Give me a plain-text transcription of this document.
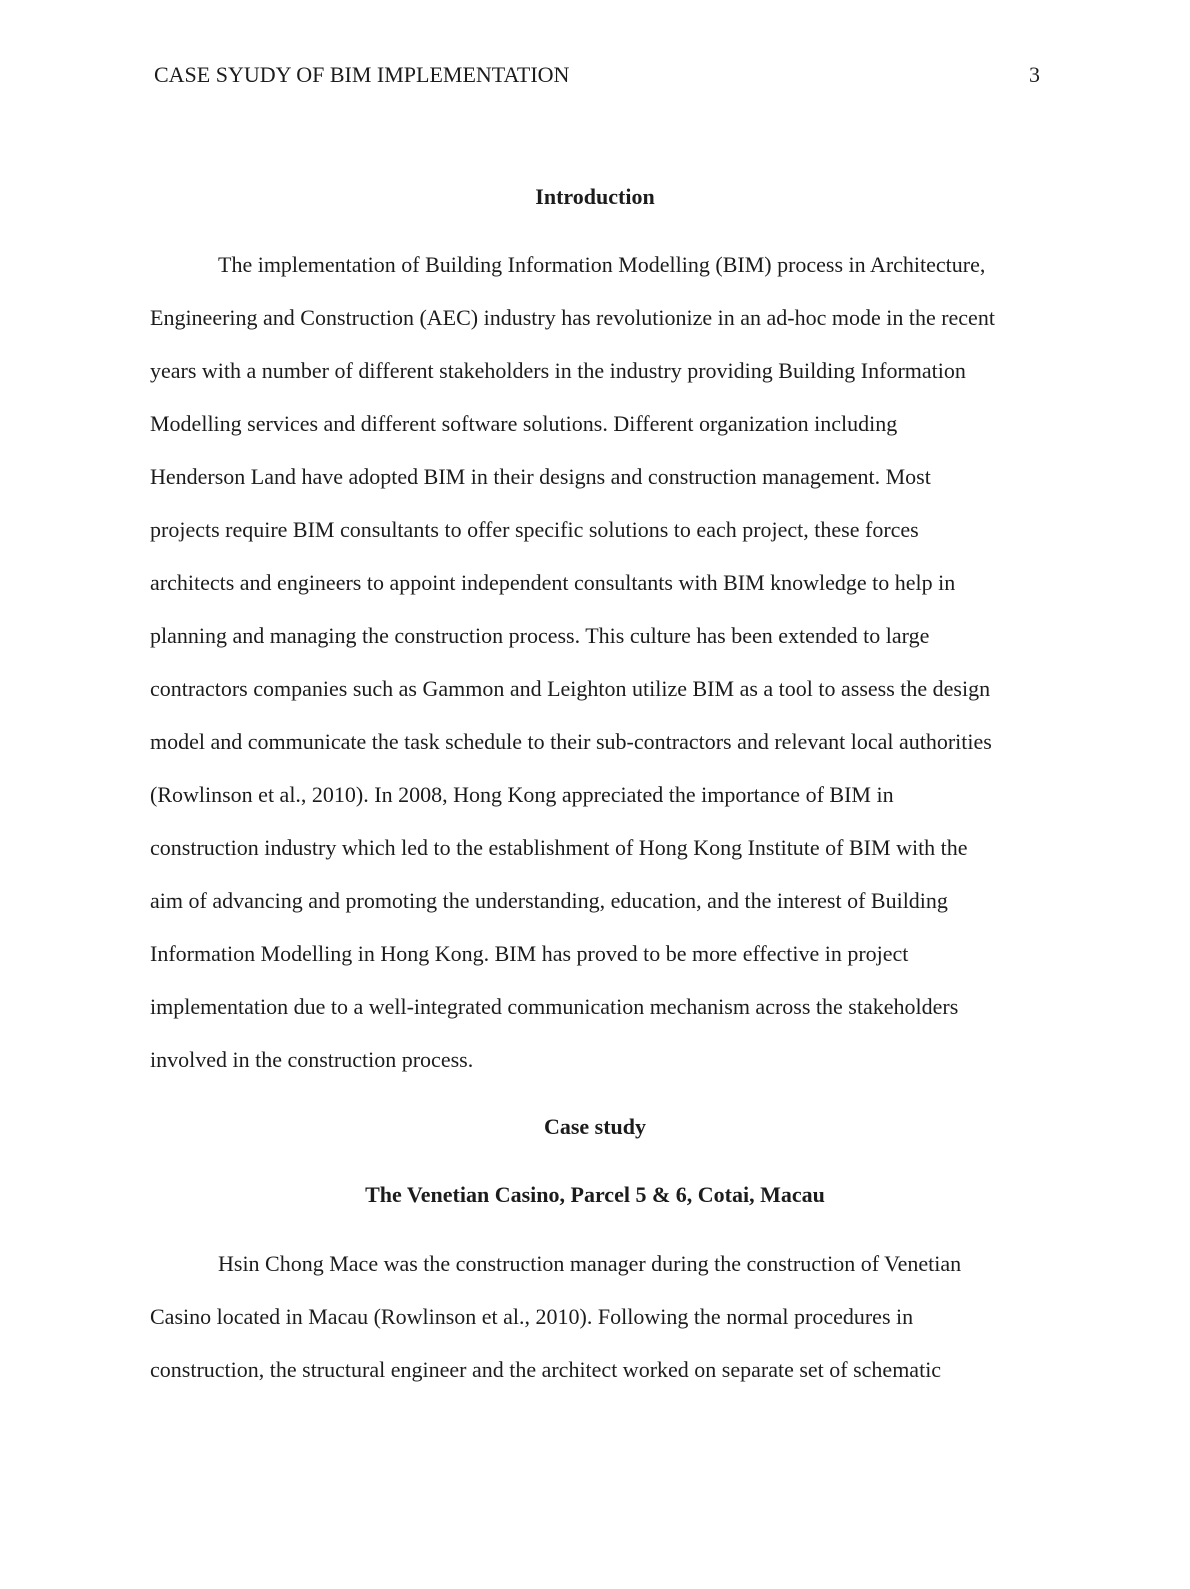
CASE SYUDY OF BIM IMPLEMENTATION	3
Introduction
The implementation of Building Information Modelling (BIM) process in Architecture,
Engineering and Construction (AEC) industry has revolutionize in an ad-hoc mode in the recent
years with a number of different stakeholders in the industry providing Building Information
Modelling services and different software solutions. Different organization including
Henderson Land have adopted BIM in their designs and construction management. Most
projects require BIM consultants to offer specific solutions to each project, these forces
architects and engineers to appoint independent consultants with BIM knowledge to help in
planning and managing the construction process. This culture has been extended to large
contractors companies such as Gammon and Leighton utilize BIM as a tool to assess the design
model and communicate the task schedule to their sub-contractors and relevant local authorities
(Rowlinson et al., 2010). In 2008, Hong Kong appreciated the importance of BIM in
construction industry which led to the establishment of Hong Kong Institute of BIM with the
aim of advancing and promoting the understanding, education, and the interest of Building
Information Modelling in Hong Kong. BIM has proved to be more effective in project
implementation due to a well-integrated communication mechanism across the stakeholders
involved in the construction process.
Case study
The Venetian Casino, Parcel 5 & 6, Cotai, Macau
Hsin Chong Mace was the construction manager during the construction of Venetian
Casino located in Macau (Rowlinson et al., 2010). Following the normal procedures in
construction, the structural engineer and the architect worked on separate set of schematic
